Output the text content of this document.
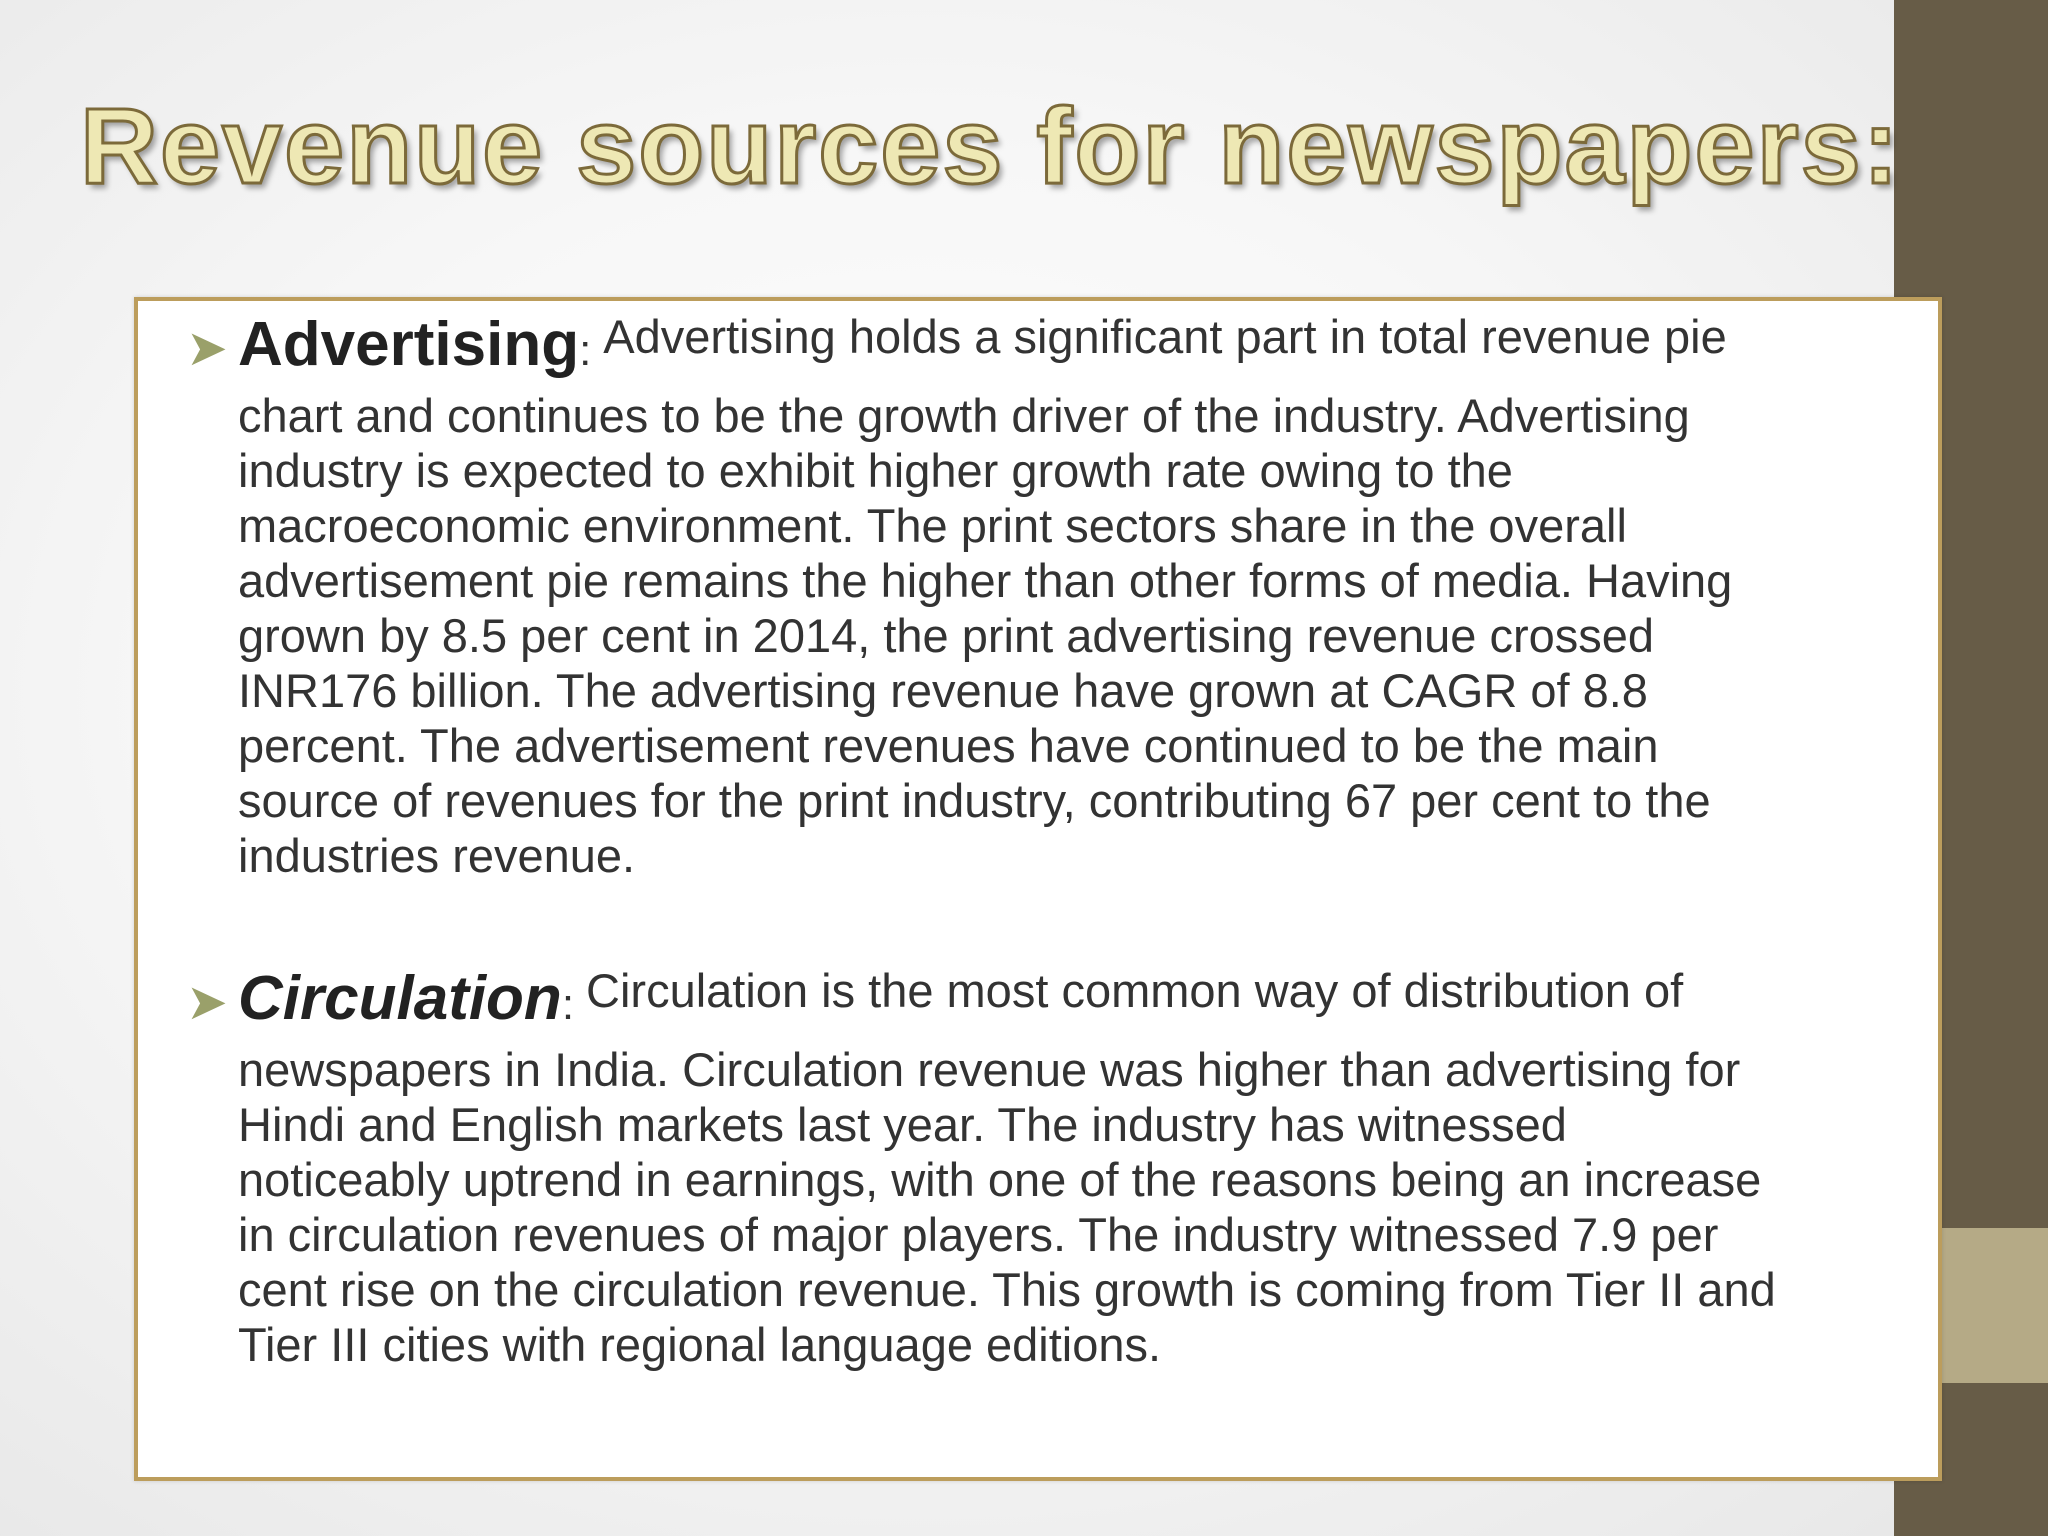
Revenue sources for newspapers:
➤ Advertising : Advertising holds a significant part in total revenue pie

chart and continues to be the growth driver of the industry. Advertising
industry is expected to exhibit higher growth rate owing to the
macroeconomic environment. The print sectors share in the overall
advertisement pie remains the higher than other forms of media. Having
grown by 8.5 per cent in 2014, the print advertising revenue crossed
INR176 billion. The advertising revenue have grown at CAGR of 8.8
percent. The advertisement revenues have continued to be the main
source of revenues for the print industry, contributing 67 per cent to the
industries revenue.

➤ Circulation : Circulation is the most common way of distribution of

newspapers in India. Circulation revenue was higher than advertising for
Hindi and English markets last year. The industry has witnessed
noticeably uptrend in earnings, with one of the reasons being an increase
in circulation revenues of major players. The industry witnessed 7.9 per
cent rise on the circulation revenue. This growth is coming from Tier II and
Tier III cities with regional language editions.
